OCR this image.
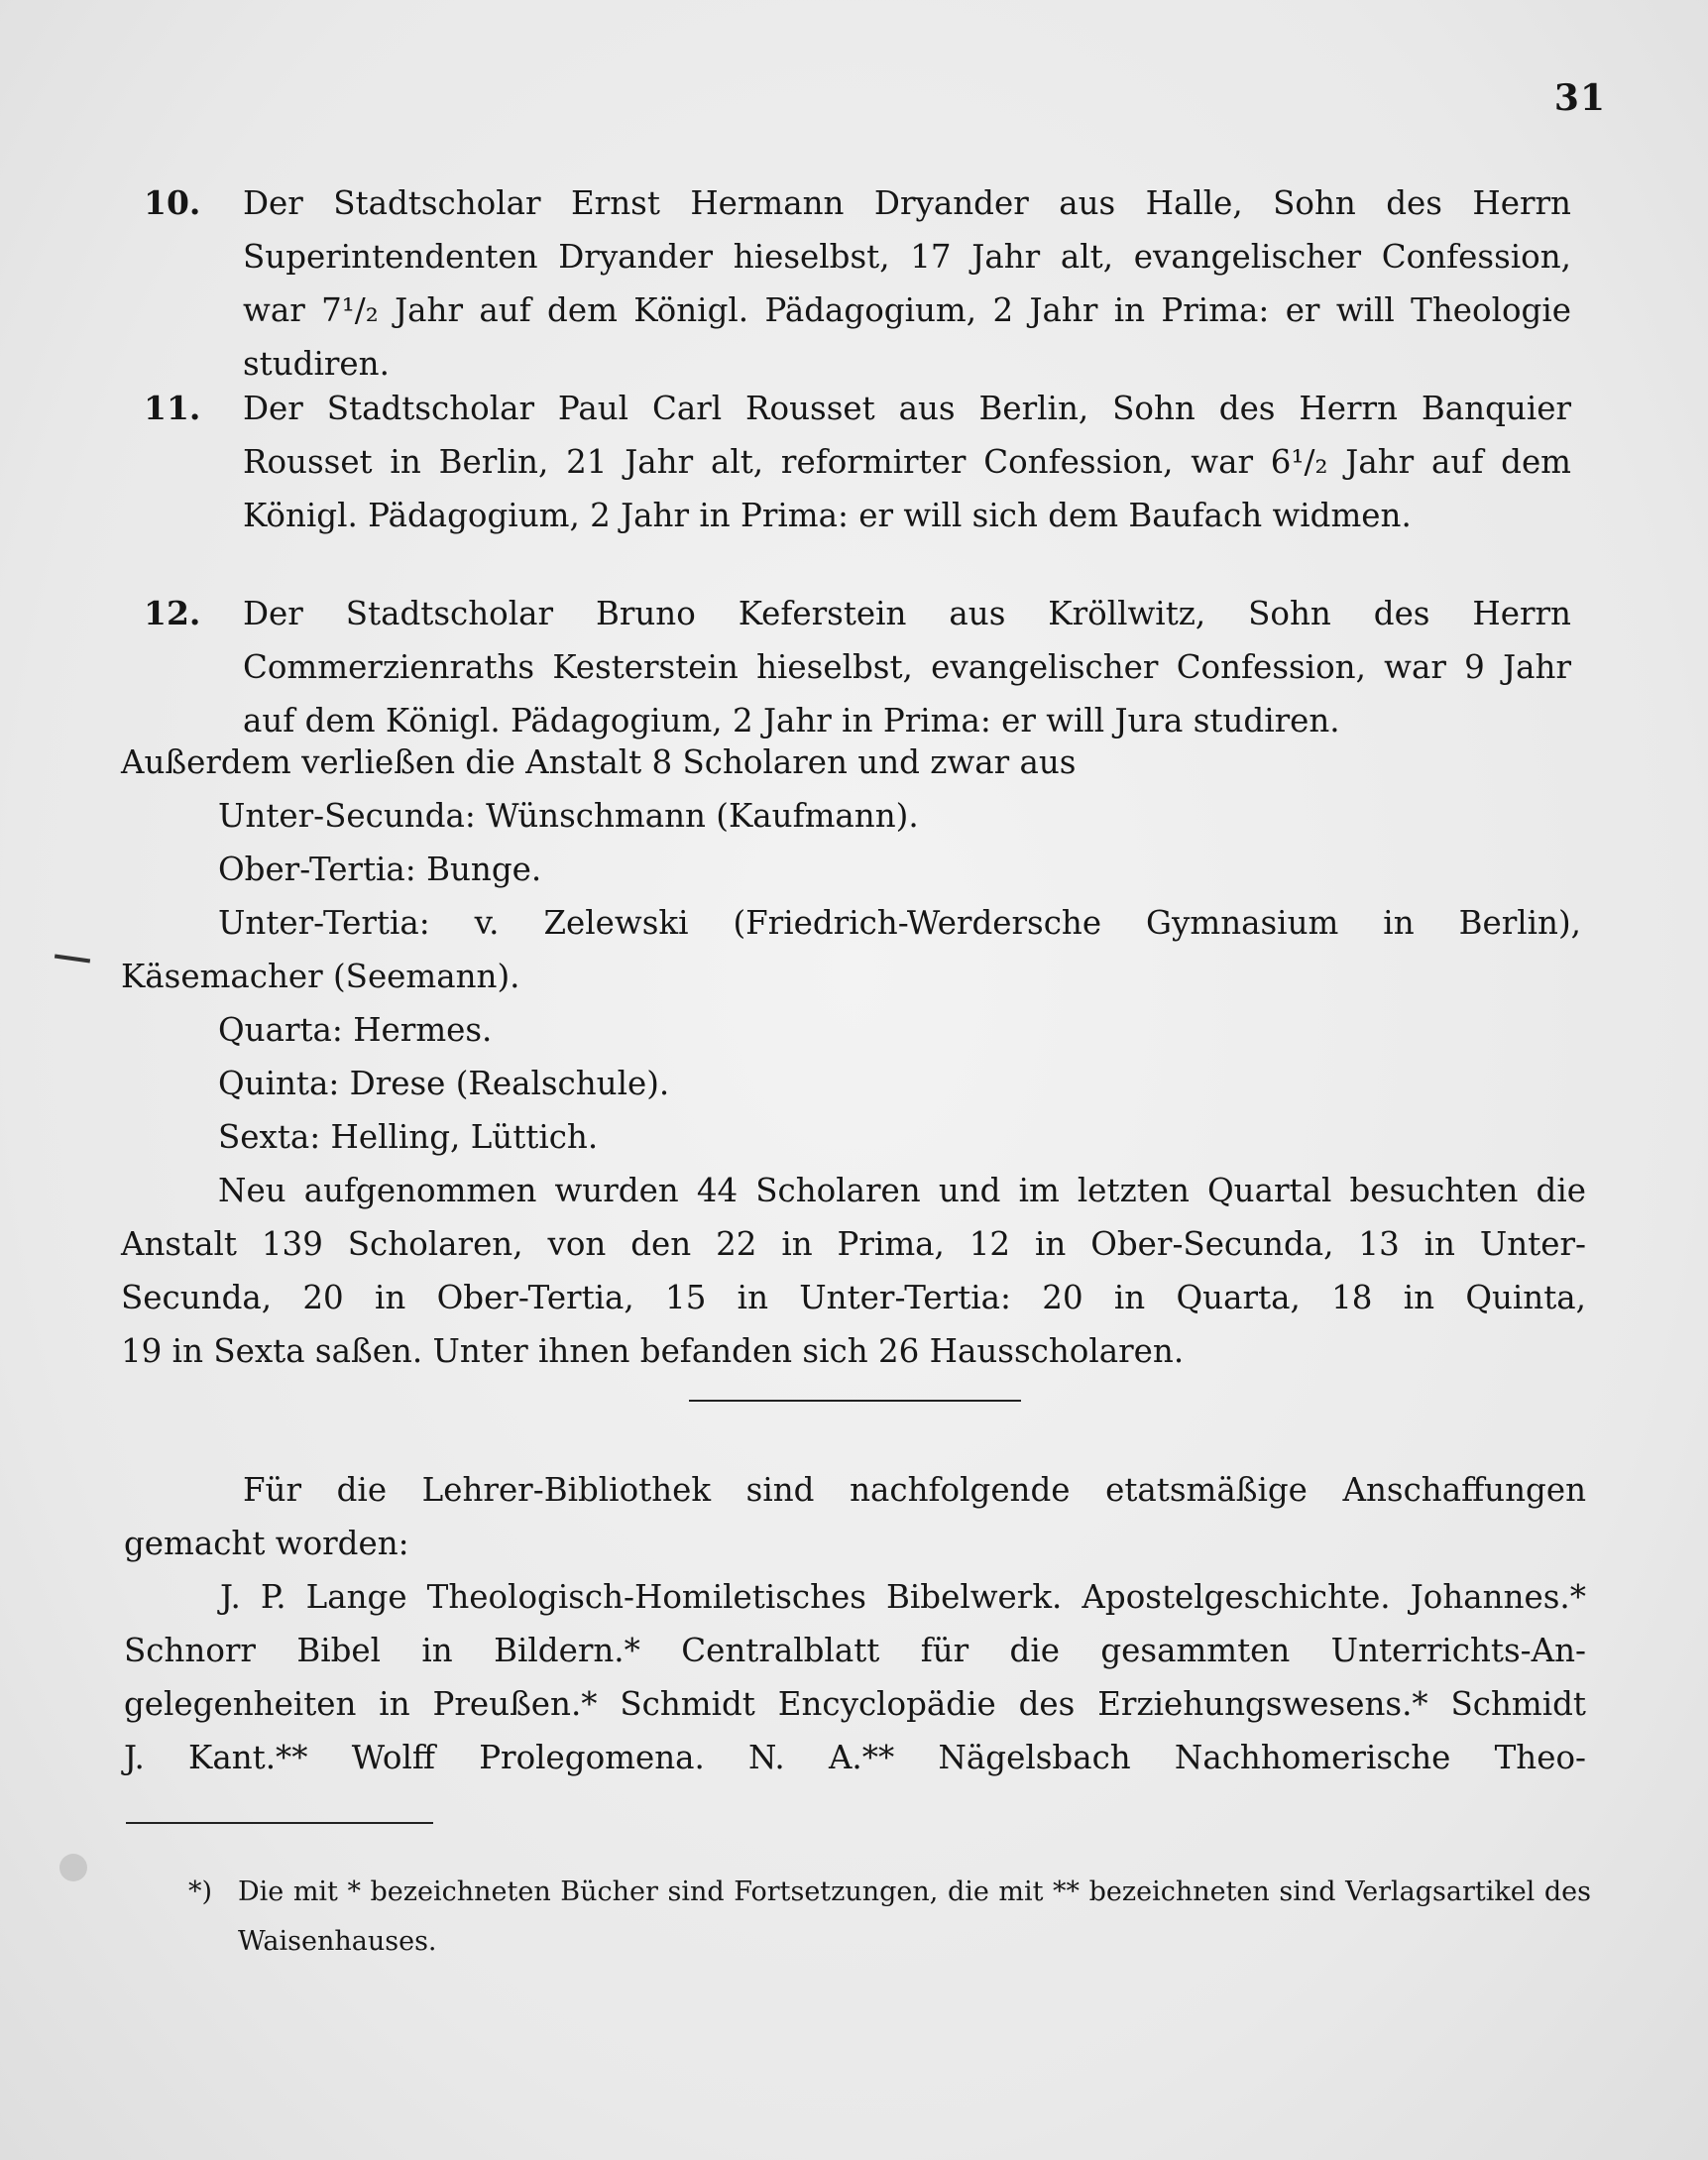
31
10.	Der Stadtscholar Ernst Hermann Dryander aus Halle, Sohn des Herrn Superintendenten Dryander hieselbst, 17 Jahr alt, evangelischer Confession, war 7¹/₂ Jahr auf dem Königl. Pädagogium, 2 Jahr in Prima: er will Theologie studiren.
11.	Der Stadtscholar Paul Carl Rousset aus Berlin, Sohn des Herrn Banquier Rousset in Berlin, 21 Jahr alt, reformirter Confession, war 6¹/₂ Jahr auf dem Königl. Pädagogium, 2 Jahr in Prima: er will sich dem Baufach widmen.
12.	Der Stadtscholar Bruno Keferstein aus Kröllwitz, Sohn des Herrn Commerzienraths Kesterstein hieselbst, evangelischer Confession, war 9 Jahr auf dem Königl. Pädagogium, 2 Jahr in Prima: er will Jura studiren.
Außerdem verließen die Anstalt 8 Scholaren und zwar aus
Unter-Secunda: Wünschmann (Kaufmann).
Ober-Tertia: Bunge.
Unter-Tertia: v. Zelewski (Friedrich-Werdersche Gymnasium in Berlin),
Käsemacher (Seemann).
Quarta: Hermes.
Quinta: Drese (Realschule).
Sexta: Helling, Lüttich.
Neu aufgenommen wurden 44 Scholaren und im letzten Quartal besuchten die
Anstalt 139 Scholaren, von den 22 in Prima, 12 in Ober-Secunda, 13 in Unter-
Secunda, 20 in Ober-Tertia, 15 in Unter-Tertia: 20 in Quarta, 18 in Quinta,
19 in Sexta saßen. Unter ihnen befanden sich 26 Hausscholaren.
Für die Lehrer-Bibliothek sind nachfolgende etatsmäßige Anschaffungen
gemacht worden:
J. P. Lange Theologisch-Homiletisches Bibelwerk. Apostelgeschichte. Johannes.*
Schnorr Bibel in Bildern.* Centralblatt für die gesammten Unterrichts-An-
gelegenheiten in Preußen.* Schmidt Encyclopädie des Erziehungswesens.* Schmidt
J. Kant.** Wolff Prolegomena. N. A.** Nägelsbach Nachhomerische Theo-
*) Die mit * bezeichneten Bücher sind Fortsetzungen, die mit ** bezeichneten sind Verlagsartikel des Waisenhauses.
